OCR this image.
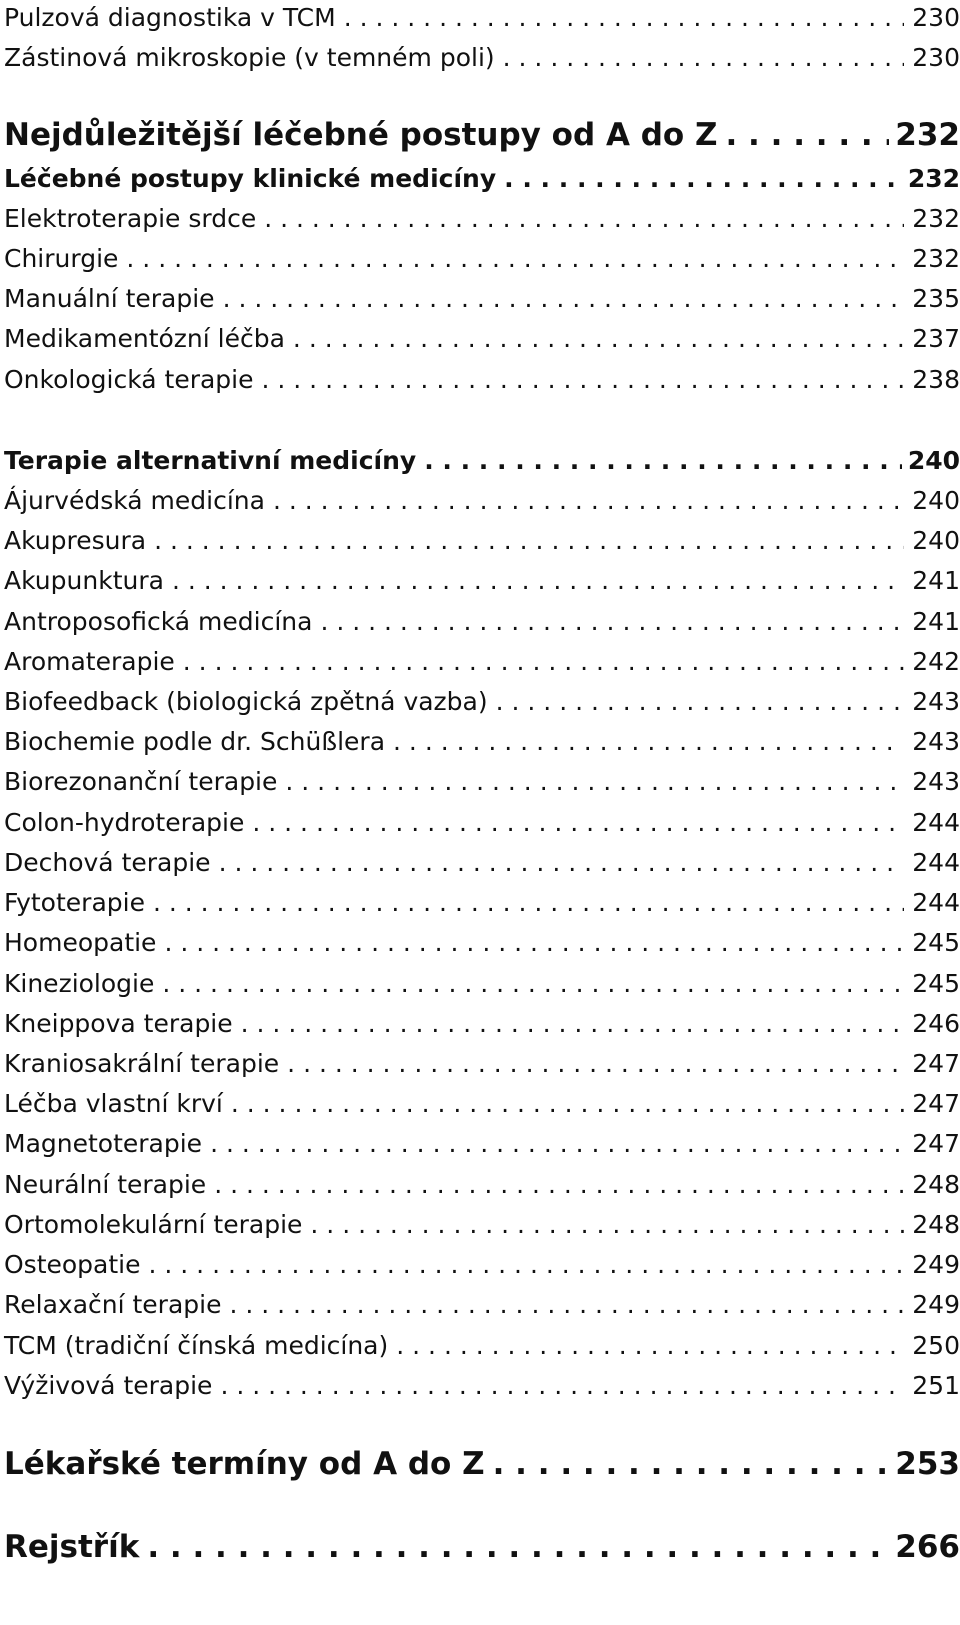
Pulzová diagnostika v TCM . . .	230
Zástinová mikroskopie (v temném poli) . . .	230
Nejdůležitější léčebné postupy od A do Z . . .	232
Léčebné postupy klinické medicíny . . .	232
Elektroterapie srdce . . .	232
Chirurgie . . .	232
Manuální terapie . . .	235
Medikamentózní léčba . . .	237
Onkologická terapie . . .	238
Terapie alternativní medicíny . . .	240
Ájurvédská medicína . . .	240
Akupresura . . .	240
Akupunktura . . .	241
Antroposofická medicína . . .	241
Aromaterapie . . .	242
Biofeedback (biologická zpětná vazba) . . .	243
Biochemie podle dr. Schüßlera . . .	243
Biorezonanční terapie . . .	243
Colon-hydroterapie . . .	244
Dechová terapie . . .	244
Fytoterapie . . .	244
Homeopatie . . .	245
Kineziologie . . .	245
Kneippova terapie . . .	246
Kraniosakrální terapie . . .	247
Léčba vlastní krví . . .	247
Magnetoterapie . . .	247
Neurální terapie . . .	248
Ortomolekulární terapie . . .	248
Osteopatie . . .	249
Relaxační terapie . . .	249
TCM (tradiční čínská medicína) . . .	250
Výživová terapie . . .	251
Lékařské termíny od A do Z . . .	253
Rejstřík . . .	266
